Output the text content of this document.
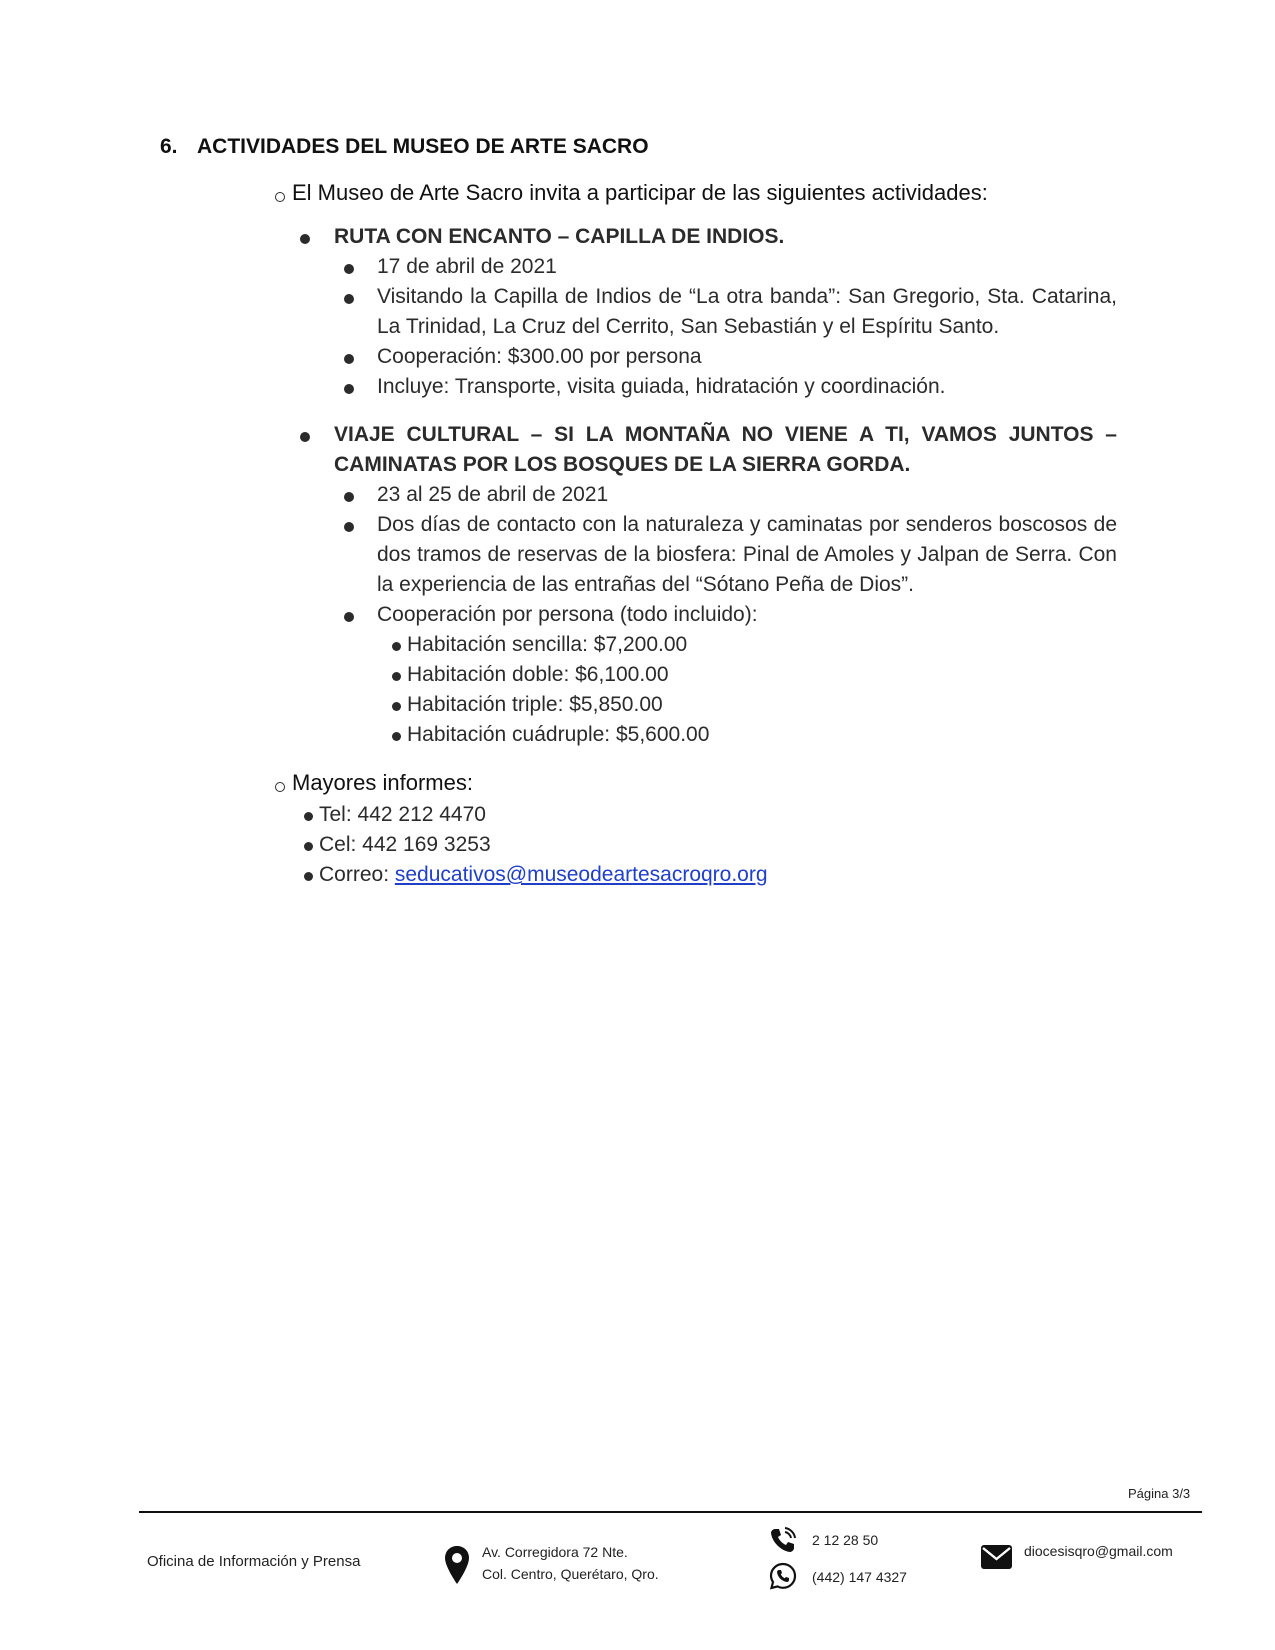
6. ACTIVIDADES DEL MUSEO DE ARTE SACRO
El Museo de Arte Sacro invita a participar de las siguientes actividades:
RUTA CON ENCANTO – CAPILLA DE INDIOS.
17 de abril de 2021
Visitando la Capilla de Indios de “La otra banda”: San Gregorio, Sta. Catarina, La Trinidad, La Cruz del Cerrito, San Sebastián y el Espíritu Santo.
Cooperación: $300.00 por persona
Incluye: Transporte, visita guiada, hidratación y coordinación.
VIAJE CULTURAL – SI LA MONTAÑA NO VIENE A TI, VAMOS JUNTOS – CAMINATAS POR LOS BOSQUES DE LA SIERRA GORDA.
23 al 25 de abril de 2021
Dos días de contacto con la naturaleza y caminatas por senderos boscosos de dos tramos de reservas de la biosfera: Pinal de Amoles y Jalpan de Serra. Con la experiencia de las entrañas del “Sótano Peña de Dios”.
Cooperación por persona (todo incluido):
Habitación sencilla: $7,200.00
Habitación doble: $6,100.00
Habitación triple: $5,850.00
Habitación cuádruple: $5,600.00
Mayores informes:
Tel: 442 212 4470
Cel: 442 169 3253
Correo: seducativos@museodeartesacroqro.org
Página 3/3
Oficina de Información y Prensa
Av. Corregidora 72 Nte.
Col. Centro, Querétaro, Qro.
2 12 28 50
(442) 147 4327
diocesisqro@gmail.com
